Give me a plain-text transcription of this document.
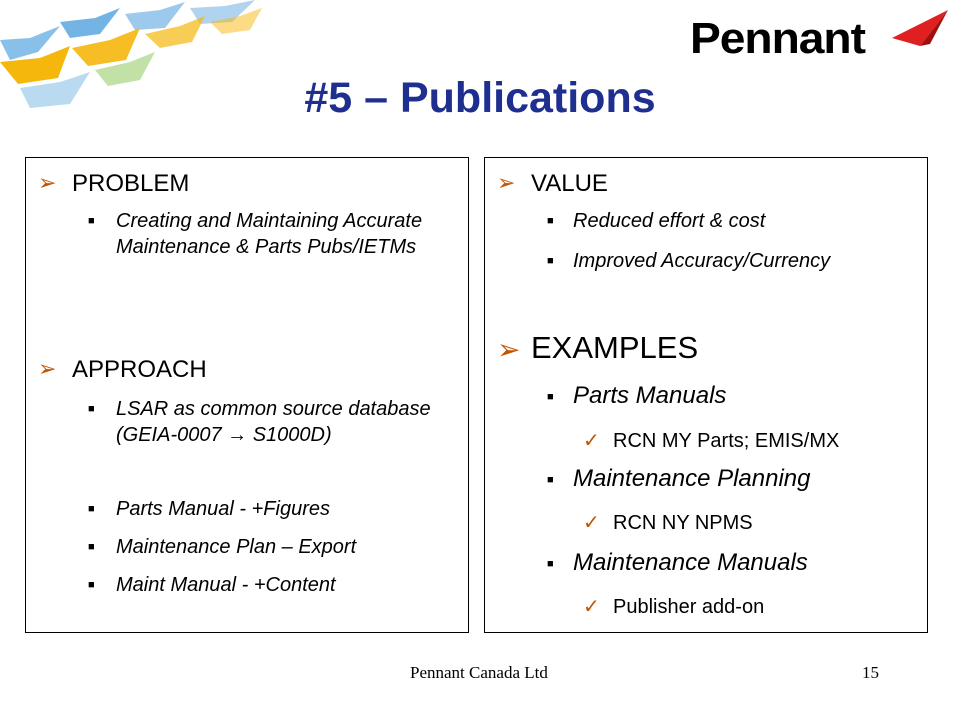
Pennant
#5 – Publications
➢ PROBLEM
■ Creating and Maintaining Accurate Maintenance & Parts Pubs/IETMs
➢ APPROACH
■ LSAR as common source database (GEIA-0007 → S1000D)
■ Parts Manual - +Figures
■ Maintenance Plan – Export
■ Maint Manual - +Content
➢ VALUE
■ Reduced effort & cost
■ Improved Accuracy/Currency
➢ EXAMPLES
■ Parts Manuals
✓ RCN MY Parts; EMIS/MX
■ Maintenance Planning
✓ RCN NY NPMS
■ Maintenance Manuals
✓ Publisher add-on
Pennant Canada Ltd	15
